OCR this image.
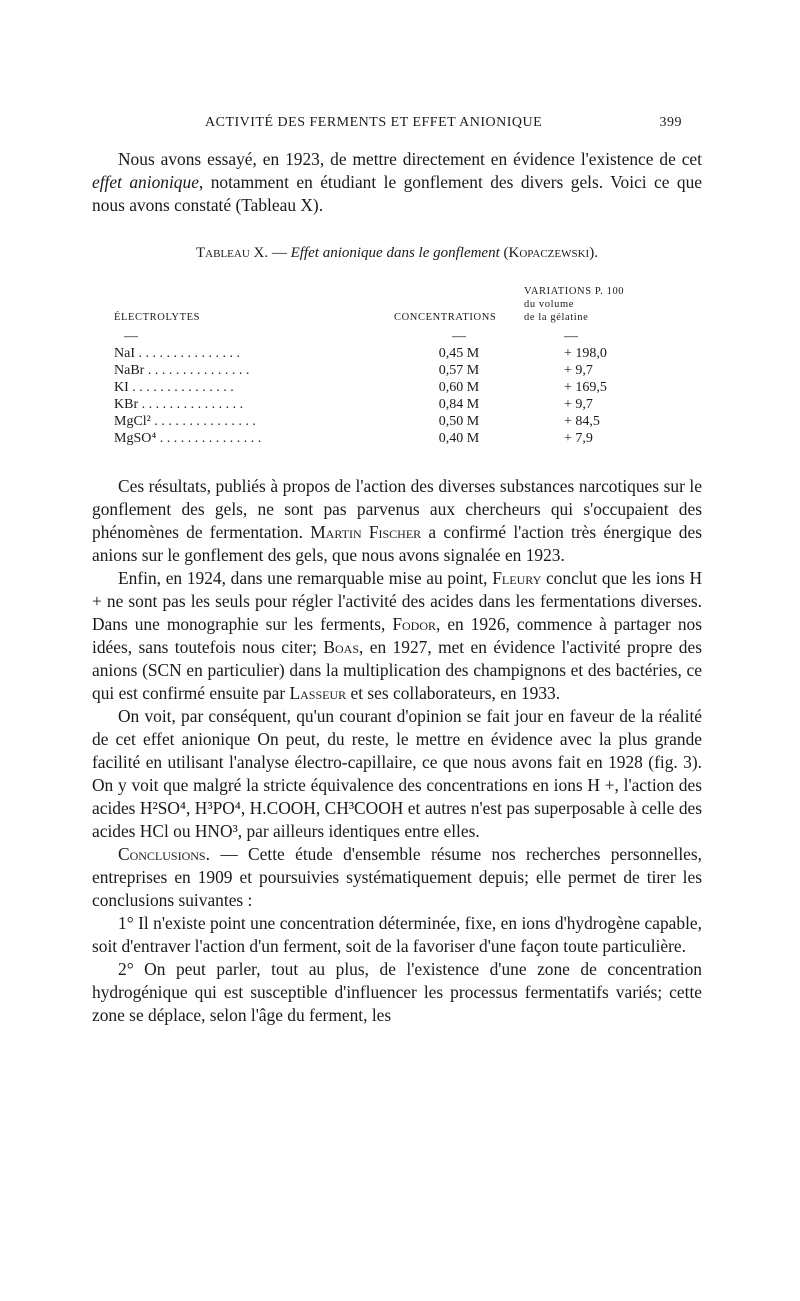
ACTIVITÉ DES FERMENTS ET EFFET ANIONIQUE	399

Nous avons essayé, en 1923, de mettre directement en évidence l'existence de cet effet anionique, notamment en étudiant le gonflement des divers gels. Voici ce que nous avons constaté (Tableau X).

Tableau X. — Effet anionique dans le gonflement (Kopaczewski).
ÉLECTROLYTES	CONCENTRATIONS	VARIATIONS P. 100
du volume
de la gélatine

—	—	—
NaI . . . . . . . . . . . . . . .	0,45 M	+ 198,0
NaBr . . . . . . . . . . . . . . .	0,57 M	+ 9,7
KI . . . . . . . . . . . . . . .	0,60 M	+ 169,5
KBr . . . . . . . . . . . . . . .	0,84 M	+ 9,7
MgCl² . . . . . . . . . . . . . . .	0,50 M	+ 84,5
MgSO⁴ . . . . . . . . . . . . . . .	0,40 M	+ 7,9

Ces résultats, publiés à propos de l'action des diverses substances narcotiques sur le gonflement des gels, ne sont pas parvenus aux chercheurs qui s'occupaient des phénomènes de fermentation. Martin Fischer a confirmé l'action très énergique des anions sur le gonflement des gels, que nous avons signalée en 1923.

Enfin, en 1924, dans une remarquable mise au point, Fleury conclut que les ions H + ne sont pas les seuls pour régler l'activité des acides dans les fermentations diverses. Dans une monographie sur les ferments, Fodor, en 1926, commence à partager nos idées, sans toutefois nous citer; Boas, en 1927, met en évidence l'activité propre des anions (SCN en particulier) dans la multiplication des champignons et des bactéries, ce qui est confirmé ensuite par Lasseur et ses collaborateurs, en 1933.

On voit, par conséquent, qu'un courant d'opinion se fait jour en faveur de la réalité de cet effet anionique On peut, du reste, le mettre en évidence avec la plus grande facilité en utilisant l'analyse électro-capillaire, ce que nous avons fait en 1928 (fig. 3). On y voit que malgré la stricte équivalence des concentrations en ions H +, l'action des acides H²SO⁴, H³PO⁴, H.COOH, CH³COOH et autres n'est pas superposable à celle des acides HCl ou HNO³, par ailleurs identiques entre elles.

Conclusions. — Cette étude d'ensemble résume nos recherches personnelles, entreprises en 1909 et poursuivies systématiquement depuis; elle permet de tirer les conclusions suivantes :

1° Il n'existe point une concentration déterminée, fixe, en ions d'hydrogène capable, soit d'entraver l'action d'un ferment, soit de la favoriser d'une façon toute particulière.

2° On peut parler, tout au plus, de l'existence d'une zone de concentration hydrogénique qui est susceptible d'influencer les processus fermentatifs variés; cette zone se déplace, selon l'âge du ferment, les
